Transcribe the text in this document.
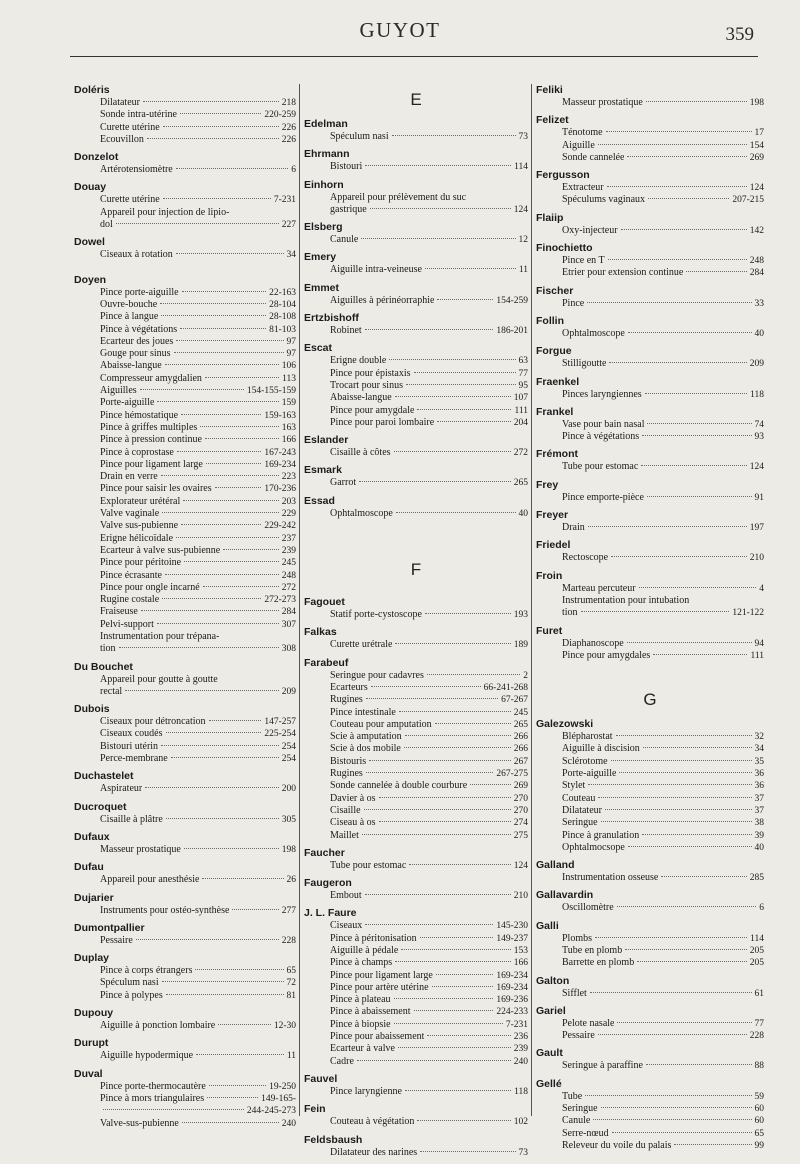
GUYOT	359
Doléris
Dilatateur	218
Sonde intra-utérine	220-259
Curette utérine	226
Ecouvillon	226
Donzelot
Artérotensiomètre	6
Douay
Curette utérine	7-231
Appareil pour injection de lipio-
dol	227
Dowel
Ciseaux à rotation	34
Doyen
Pince porte-aiguille	22-163
Ouvre-bouche	28-104
Pince à langue	28-108
Pince à végétations	81-103
Ecarteur des joues	97
Gouge pour sinus	97
Abaisse-langue	106
Compresseur amygdalien	113
Aiguilles	154-155-159
Porte-aiguille	159
Pince hémostatique	159-163
Pince à griffes multiples	163
Pince à pression continue	166
Pince à coprostase	167-243
Pince pour ligament large	169-234
Drain en verre	223
Pince pour saisir les ovaires	170-236
Explorateur urétéral	203
Valve vaginale	229
Valve sus-pubienne	229-242
Erigne hélicoïdale	237
Ecarteur à valve sus-pubienne	239
Pince pour péritoine	245
Pince écrasante	248
Pince pour ongle incarné	272
Rugine costale	272-273
Fraiseuse	284
Pelvi-support	307
Instrumentation pour trépana-
tion	308
Du Bouchet
Appareil pour goutte à goutte
rectal	209
Dubois
Ciseaux pour détroncation	147-257
Ciseaux coudés	225-254
Bistouri utérin	254
Perce-membrane	254
Duchastelet
Aspirateur	200
Ducroquet
Cisaille à plâtre	305
Dufaux
Masseur prostatique	198
Dufau
Appareil pour anesthésie	26
Dujarier
Instruments pour ostéo-synthèse	277
Dumontpallier
Pessaire	228
Duplay
Pince à corps étrangers	65
Spéculum nasi	72
Pince à polypes	81
Dupouy
Aiguille à ponction lombaire	12-30
Durupt
Aiguille hypodermique	11
Duval
Pince porte-thermocautère	19-250
Pince à mors triangulaires	149-165-
244-245-273
Valve-sus-pubienne	240
E
Edelman
Spéculum nasi	73
Ehrmann
Bistouri	114
Einhorn
Appareil pour prélèvement du suc
gastrique	124
Elsberg
Canule	12
Emery
Aiguille intra-veineuse	11
Emmet
Aiguilles à périnéorraphie	154-259
Ertzbishoff
Robinet	186-201
Escat
Erigne double	63
Pince pour épistaxis	77
Trocart pour sinus	95
Abaisse-langue	107
Pince pour amygdale	111
Pince pour paroi lombaire	204
Eslander
Cisaille à côtes	272
Esmark
Garrot	265
Essad
Ophtalmoscope	40
F
Fagouet
Statif porte-cystoscope	193
Falkas
Curette urétrale	189
Farabeuf
Seringue pour cadavres	2
Ecarteurs	66-241-268
Rugines	67-267
Pince intestinale	245
Couteau pour amputation	265
Scie à amputation	266
Scie à dos mobile	266
Bistouris	267
Rugines	267-275
Sonde cannelée à double courbure	269
Davier à os	270
Cisaille	270
Ciseau à os	274
Maillet	275
Faucher
Tube pour estomac	124
Faugeron
Embout	210
J. L. Faure
Ciseaux	145-230
Pince à péritonisation	149-237
Aiguille à pédale	153
Pince à champs	166
Pince pour ligament large	169-234
Pince pour artère utérine	169-234
Pince à plateau	169-236
Pince à abaissement	224-233
Pince à biopsie	7-231
Pince pour abaissement	236
Ecarteur à valve	239
Cadre	240
Fauvel
Pince laryngienne	118
Fein
Couteau à végétation	102
Feldsbaush
Dilatateur des narines	73
Feliki
Masseur prostatique	198
Felizet
Ténotome	17
Aiguille	154
Sonde cannelée	269
Fergusson
Extracteur	124
Spéculums vaginaux	207-215
Flaiip
Oxy-injecteur	142
Finochietto
Pince en T	248
Etrier pour extension continue	284
Fischer
Pince	33
Follin
Ophtalmoscope	40
Forgue
Stilligoutte	209
Fraenkel
Pinces laryngiennes	118
Frankel
Vase pour bain nasal	74
Pince à végétations	93
Frémont
Tube pour estomac	124
Frey
Pince emporte-pièce	91
Freyer
Drain	197
Friedel
Rectoscope	210
Froin
Marteau percuteur	4
Instrumentation pour intubation
tion	121-122
Furet
Diaphanoscope	94
Pince pour amygdales	111
G
Galezowski
Blépharostat	32
Aiguille à discision	34
Sclérotome	35
Porte-aiguille	36
Stylet	36
Couteau	37
Dilatateur	37
Seringue	38
Pince à granulation	39
Ophtalmocsope	40
Galland
Instrumentation osseuse	285
Gallavardin
Oscillomètre	6
Galli
Plombs	114
Tube en plomb	205
Barrette en plomb	205
Galton
Sifflet	61
Gariel
Pelote nasale	77
Pessaire	228
Gault
Seringue à paraffine	88
Gellé
Tube	59
Seringue	60
Canule	60
Serre-nœud	65
Releveur du voile du palais	99
